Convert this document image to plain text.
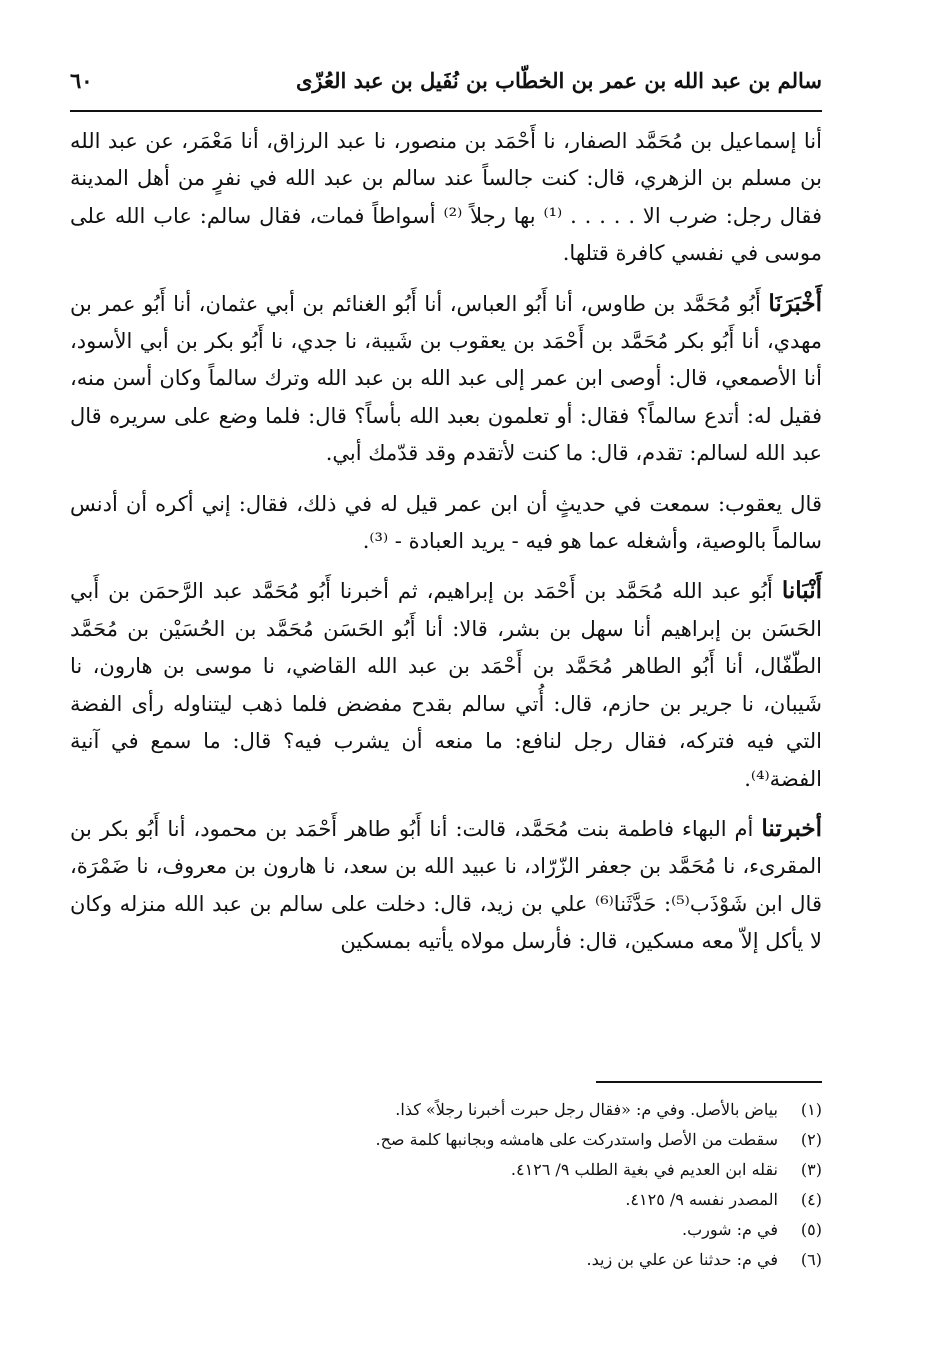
سالم بن عبد الله بن عمر بن الخطّاب بن نُفَيل بن عبد العُزّى
٦٠

أنا إسماعيل بن مُحَمَّد الصفار، نا أَحْمَد بن منصور، نا عبد الرزاق، أنا مَعْمَر، عن عبد الله بن مسلم بن الزهري، قال: كنت جالساً عند سالم بن عبد الله في نفرٍ من أهل المدينة فقال رجل: ضرب الا . . . . . ⁽¹⁾ بها رجلاً ⁽²⁾ أسواطاً فمات، فقال سالم: عاب الله على موسى في نفسي كافرة قتلها.

أَخْبَرَنَا أَبُو مُحَمَّد بن طاوس، أنا أَبُو العباس، أنا أَبُو الغنائم بن أبي عثمان، أنا أَبُو عمر بن مهدي، أنا أَبُو بكر مُحَمَّد بن أَحْمَد بن يعقوب بن شَيبة، نا جدي، نا أَبُو بكر بن أبي الأسود، أنا الأصمعي، قال: أوصى ابن عمر إلى عبد الله بن عبد الله وترك سالماً وكان أسن منه، فقيل له: أتدع سالماً؟ فقال: أو تعلمون بعبد الله بأساً؟ قال: فلما وضع على سريره قال عبد الله لسالم: تقدم، قال: ما كنت لأتقدم وقد قدّمك أبي.

قال يعقوب: سمعت في حديثٍ أن ابن عمر قيل له في ذلك، فقال: إني أكره أن أدنس سالماً بالوصية، وأشغله عما هو فيه - يريد العبادة - ⁽³⁾.

أَنْبَانا أَبُو عبد الله مُحَمَّد بن أَحْمَد بن إبراهيم، ثم أخبرنا أَبُو مُحَمَّد عبد الرَّحمَن بن أَبي الحَسَن بن إبراهيم أنا سهل بن بشر، قالا: أنا أَبُو الحَسَن مُحَمَّد بن الحُسَيْن بن مُحَمَّد الطّفّال، أنا أَبُو الطاهر مُحَمَّد بن أَحْمَد بن عبد الله القاضي، نا موسى بن هارون، نا شَيبان، نا جرير بن حازم، قال: أُتي سالم بقدح مفضض فلما ذهب ليتناوله رأى الفضة التي فيه فتركه، فقال رجل لنافع: ما منعه أن يشرب فيه؟ قال: ما سمع في آنية الفضة⁽⁴⁾.

أخبرتنا أم البهاء فاطمة بنت مُحَمَّد، قالت: أنا أَبُو طاهر أَحْمَد بن محمود، أنا أَبُو بكر بن المقرىء، نا مُحَمَّد بن جعفر الزّرّاد، نا عبيد الله بن سعد، نا هارون بن معروف، نا ضَمْرَة، قال ابن شَوْذَب⁽⁵⁾: حَدَّثَنا⁽⁶⁾ علي بن زيد، قال: دخلت على سالم بن عبد الله منزله وكان لا يأكل إلاّ معه مسكين، قال: فأرسل مولاه يأتيه بمسكين

(١)
بياض بالأصل. وفي م: «فقال رجل حبرت أخبرنا رجلاً» كذا.
(٢)
سقطت من الأصل واستدركت على هامشه وبجانبها كلمة صح.
(٣)
نقله ابن العديم في بغية الطلب ٩/ ٤١٢٦.
(٤)
المصدر نفسه ٩/ ٤١٢٥.
(٥)
في م: شورب.
(٦)
في م: حدثنا عن علي بن زيد.
